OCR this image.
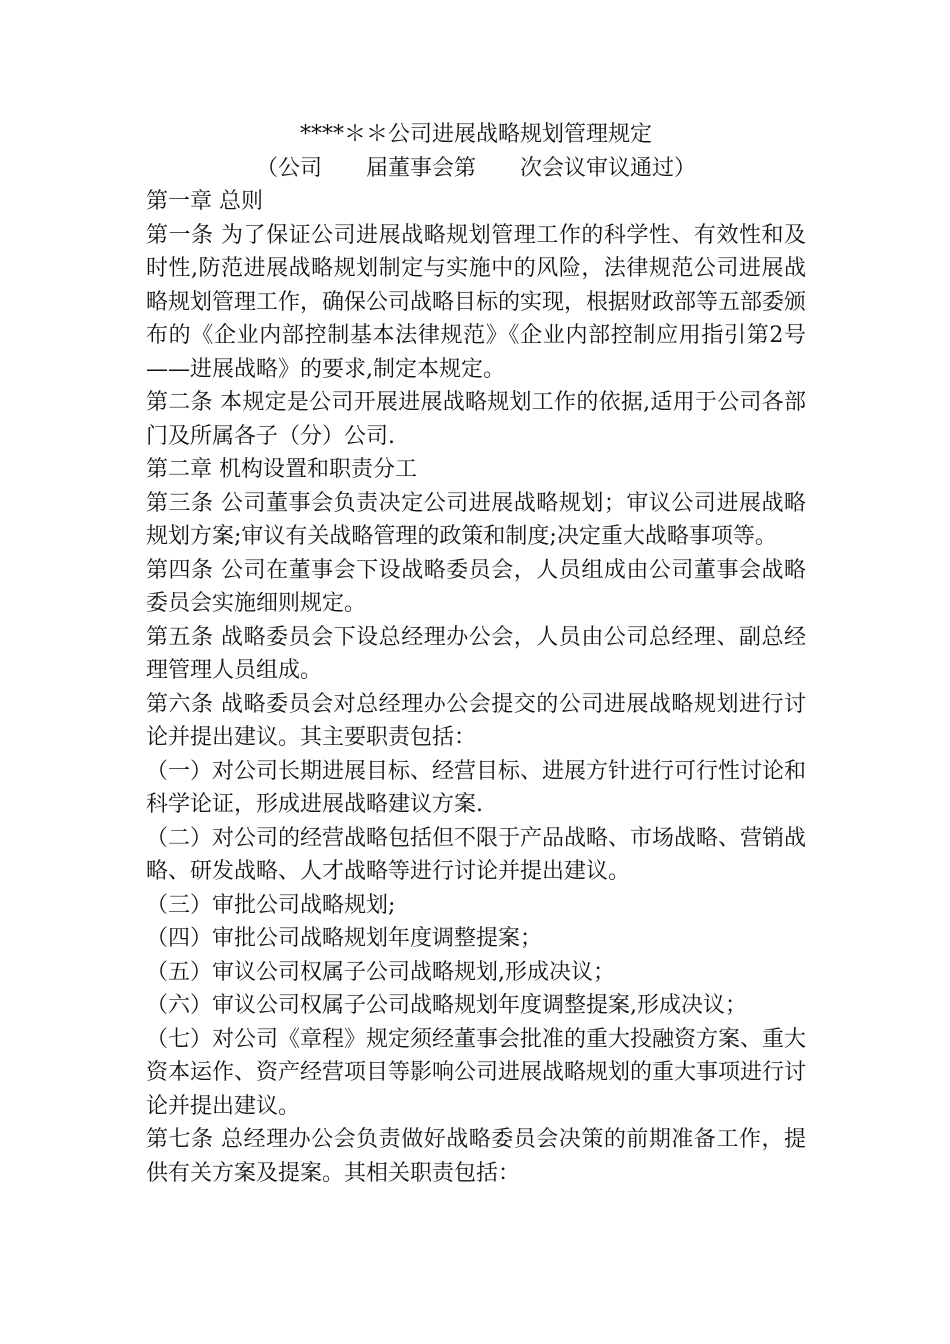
****＊＊公司进展战略规划管理规定

（公司　　届董事会第　　次会议审议通过）

第一章 总则

第一条 为了保证公司进展战略规划管理工作的科学性、有效性和及时性,防范进展战略规划制定与实施中的风险，法律规范公司进展战略规划管理工作，确保公司战略目标的实现，根据财政部等五部委颁布的《企业内部控制基本法律规范》《企业内部控制应用指引第2号——进展战略》的要求,制定本规定。

第二条 本规定是公司开展进展战略规划工作的依据,适用于公司各部门及所属各子（分）公司.

第二章 机构设置和职责分工

第三条 公司董事会负责决定公司进展战略规划；审议公司进展战略规划方案;审议有关战略管理的政策和制度;决定重大战略事项等。

第四条 公司在董事会下设战略委员会，人员组成由公司董事会战略委员会实施细则规定。

第五条 战略委员会下设总经理办公会，人员由公司总经理、副总经理管理人员组成。

第六条 战略委员会对总经理办公会提交的公司进展战略规划进行讨论并提出建议。其主要职责包括：

（一）对公司长期进展目标、经营目标、进展方针进行可行性讨论和科学论证，形成进展战略建议方案.

（二）对公司的经营战略包括但不限于产品战略、市场战略、营销战略、研发战略、人才战略等进行讨论并提出建议。

（三）审批公司战略规划;

（四）审批公司战略规划年度调整提案；

（五）审议公司权属子公司战略规划,形成决议；

（六）审议公司权属子公司战略规划年度调整提案,形成决议；

（七）对公司《章程》规定须经董事会批准的重大投融资方案、重大资本运作、资产经营项目等影响公司进展战略规划的重大事项进行讨论并提出建议。

第七条 总经理办公会负责做好战略委员会决策的前期准备工作，提供有关方案及提案。其相关职责包括：
